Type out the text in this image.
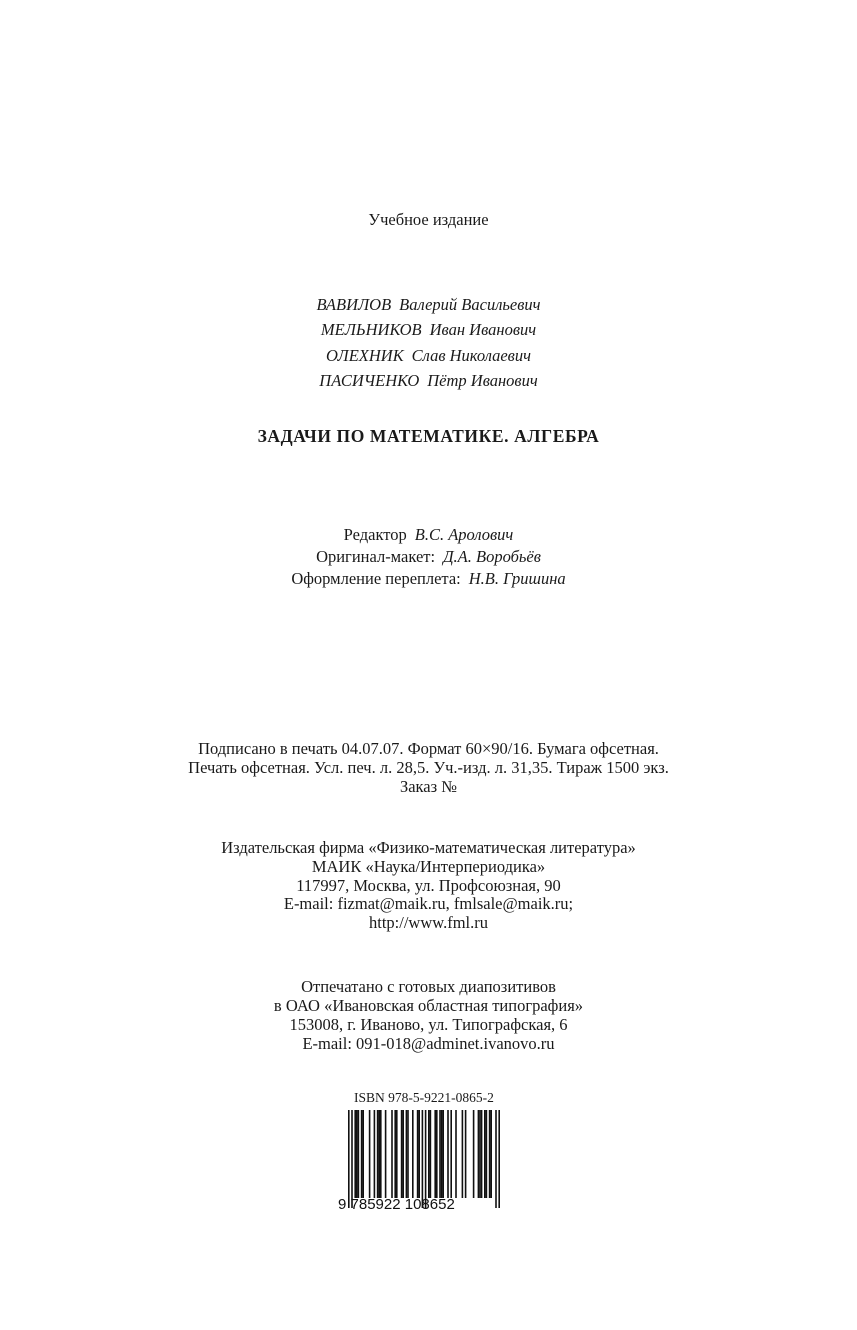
Учебное издание
ВАВИЛОВ Валерий Васильевич
МЕЛЬНИКОВ Иван Иванович
ОЛЕХНИК Слав Николаевич
ПАСИЧЕНКО Пётр Иванович
ЗАДАЧИ ПО МАТЕМАТИКЕ. АЛГЕБРА
Редактор В.С. Аролович
Оригинал-макет: Д.А. Воробьёв
Оформление переплета: Н.В. Гришина
Подписано в печать 04.07.07. Формат 60×90/16. Бумага офсетная.
Печать офсетная. Усл. печ. л. 28,5. Уч.-изд. л. 31,35. Тираж 1500 экз.
Заказ №
Издательская фирма «Физико-математическая литература»
МАИК «Наука/Интерпериодика»
117997, Москва, ул. Профсоюзная, 90
E-mail: fizmat@maik.ru, fmlsale@maik.ru;
http://www.fml.ru
Отпечатано с готовых диапозитивов
в ОАО «Ивановская областная типография»
153008, г. Иваново, ул. Типографская, 6
E-mail: 091-018@adminet.ivanovo.ru
ISBN 978-5-9221-0865-2
9 785922 108652
